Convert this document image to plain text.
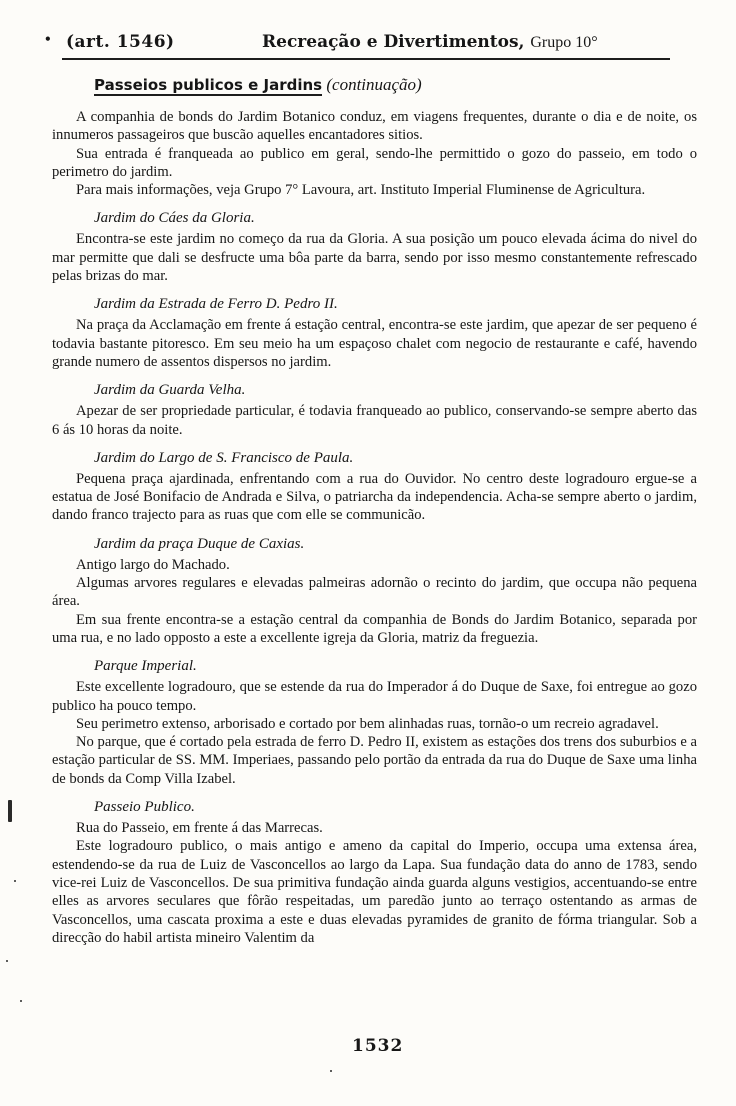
• (art. 1546)	Recreação e Divertimentos, Grupo 10°
Passeios publicos e Jardins (continuação)

A companhia de bonds do Jardim Botanico conduz, em viagens frequentes, durante o dia e de noite, os innumeros passageiros que buscão aquelles encantadores sitios.

Sua entrada é franqueada ao publico em geral, sendo-lhe permittido o gozo do passeio, em todo o perimetro do jardim.

Para mais informações, veja Grupo 7° Lavoura, art. Instituto Imperial Fluminense de Agricultura.

Jardim do Cáes da Gloria.

Encontra-se este jardim no começo da rua da Gloria. A sua posição um pouco elevada ácima do nivel do mar permitte que dali se desfructe uma bôa parte da barra, sendo por isso mesmo constantemente refrescado pelas brizas do mar.

Jardim da Estrada de Ferro D. Pedro II.

Na praça da Acclamação em frente á estação central, encontra-se este jardim, que apezar de ser pequeno é todavia bastante pitoresco. Em seu meio ha um espaçoso chalet com negocio de restaurante e café, havendo grande numero de assentos dispersos no jardim.

Jardim da Guarda Velha.

Apezar de ser propriedade particular, é todavia franqueado ao publico, conservando-se sempre aberto das 6 ás 10 horas da noite.

Jardim do Largo de S. Francisco de Paula.

Pequena praça ajardinada, enfrentando com a rua do Ouvidor. No centro deste logradouro ergue-se a estatua de José Bonifacio de Andrada e Silva, o patriarcha da independencia. Acha-se sempre aberto o jardim, dando franco trajecto para as ruas que com elle se communicão.

Jardim da praça Duque de Caxias.

Antigo largo do Machado.

Algumas arvores regulares e elevadas palmeiras adornão o recinto do jardim, que occupa não pequena área.

Em sua frente encontra-se a estação central da companhia de Bonds do Jardim Botanico, separada por uma rua, e no lado opposto a este a excellente igreja da Gloria, matriz da freguezia.

Parque Imperial.

Este excellente logradouro, que se estende da rua do Imperador á do Duque de Saxe, foi entregue ao gozo publico ha pouco tempo.

Seu perimetro extenso, arborisado e cortado por bem alinhadas ruas, tornão-o um recreio agradavel.

No parque, que é cortado pela estrada de ferro D. Pedro II, existem as estações dos trens dos suburbios e a estação particular de SS. MM. Imperiaes, passando pelo portão da entrada da rua do Duque de Saxe uma linha de bonds da Comp Villa Izabel.

Passeio Publico.

Rua do Passeio, em frente á das Marrecas.

Este logradouro publico, o mais antigo e ameno da capital do Imperio, occupa uma extensa área, estendendo-se da rua de Luiz de Vasconcellos ao largo da Lapa. Sua fundação data do anno de 1783, sendo vice-rei Luiz de Vasconcellos. De sua primitiva fundação ainda guarda alguns vestigios, accentuando-se entre elles as arvores seculares que fôrão respeitadas, um paredão junto ao terraço ostentando as armas de Vasconcellos, uma cascata proxima a este e duas elevadas pyramides de granito de fórma triangular. Sob a direcção do habil artista mineiro Valentim da

1532
